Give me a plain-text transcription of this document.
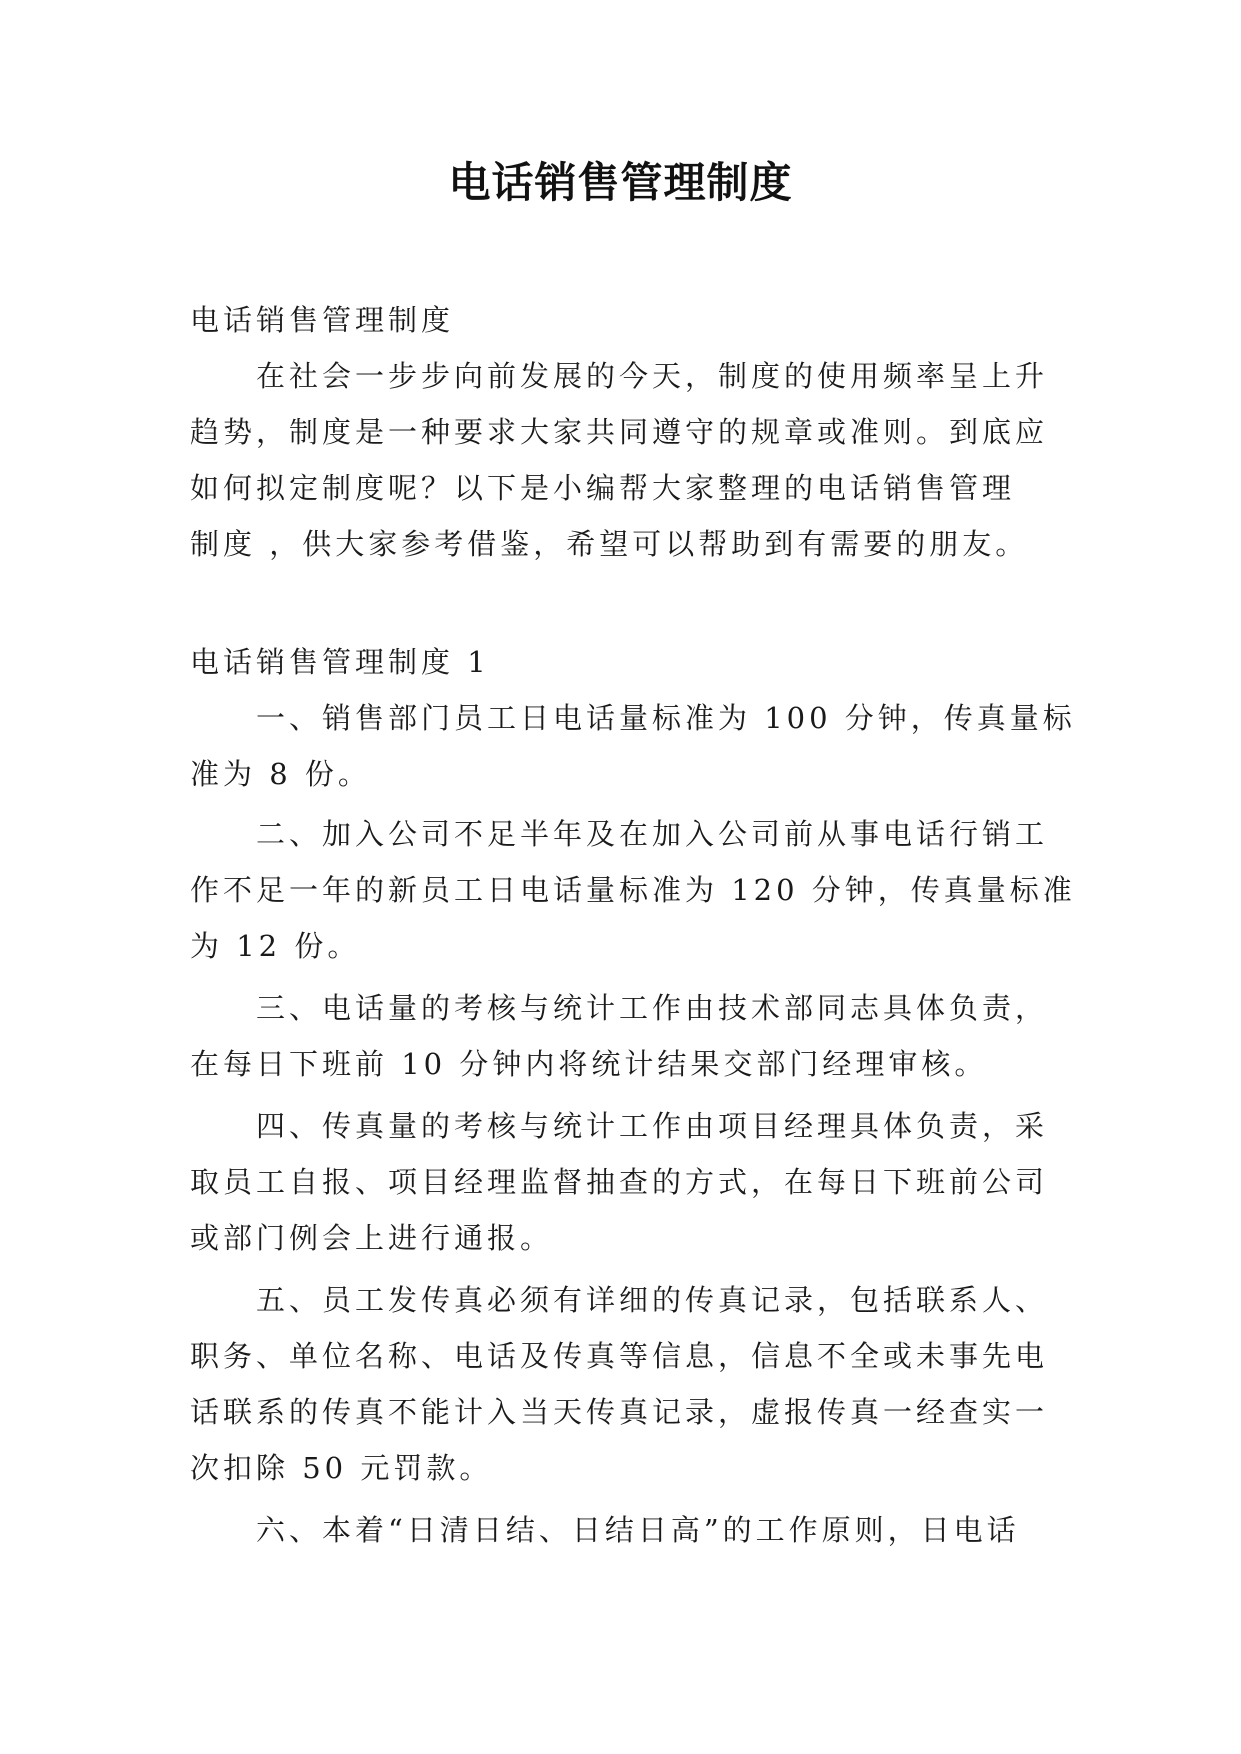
电话销售管理制度

电话销售管理制度

在社会一步步向前发展的今天，制度的使用频率呈上升

趋势，制度是一种要求大家共同遵守的规章或准则。到底应

如何拟定制度呢？以下是小编帮大家整理的电话销售管理

制度 ，供大家参考借鉴，希望可以帮助到有需要的朋友。

电话销售管理制度 1

一、销售部门员工日电话量标准为 100 分钟，传真量标

准为 8 份。

二、加入公司不足半年及在加入公司前从事电话行销工

作不足一年的新员工日电话量标准为 120 分钟，传真量标准

为 12 份。

三、电话量的考核与统计工作由技术部同志具体负责，

在每日下班前 10 分钟内将统计结果交部门经理审核。

四、传真量的考核与统计工作由项目经理具体负责，采

取员工自报、项目经理监督抽查的方式，在每日下班前公司

或部门例会上进行通报。

五、员工发传真必须有详细的传真记录，包括联系人、

职务、单位名称、电话及传真等信息，信息不全或未事先电

话联系的传真不能计入当天传真记录，虚报传真一经查实一

次扣除 50 元罚款。

六、本着“日清日结、日结日高”的工作原则，日电话
